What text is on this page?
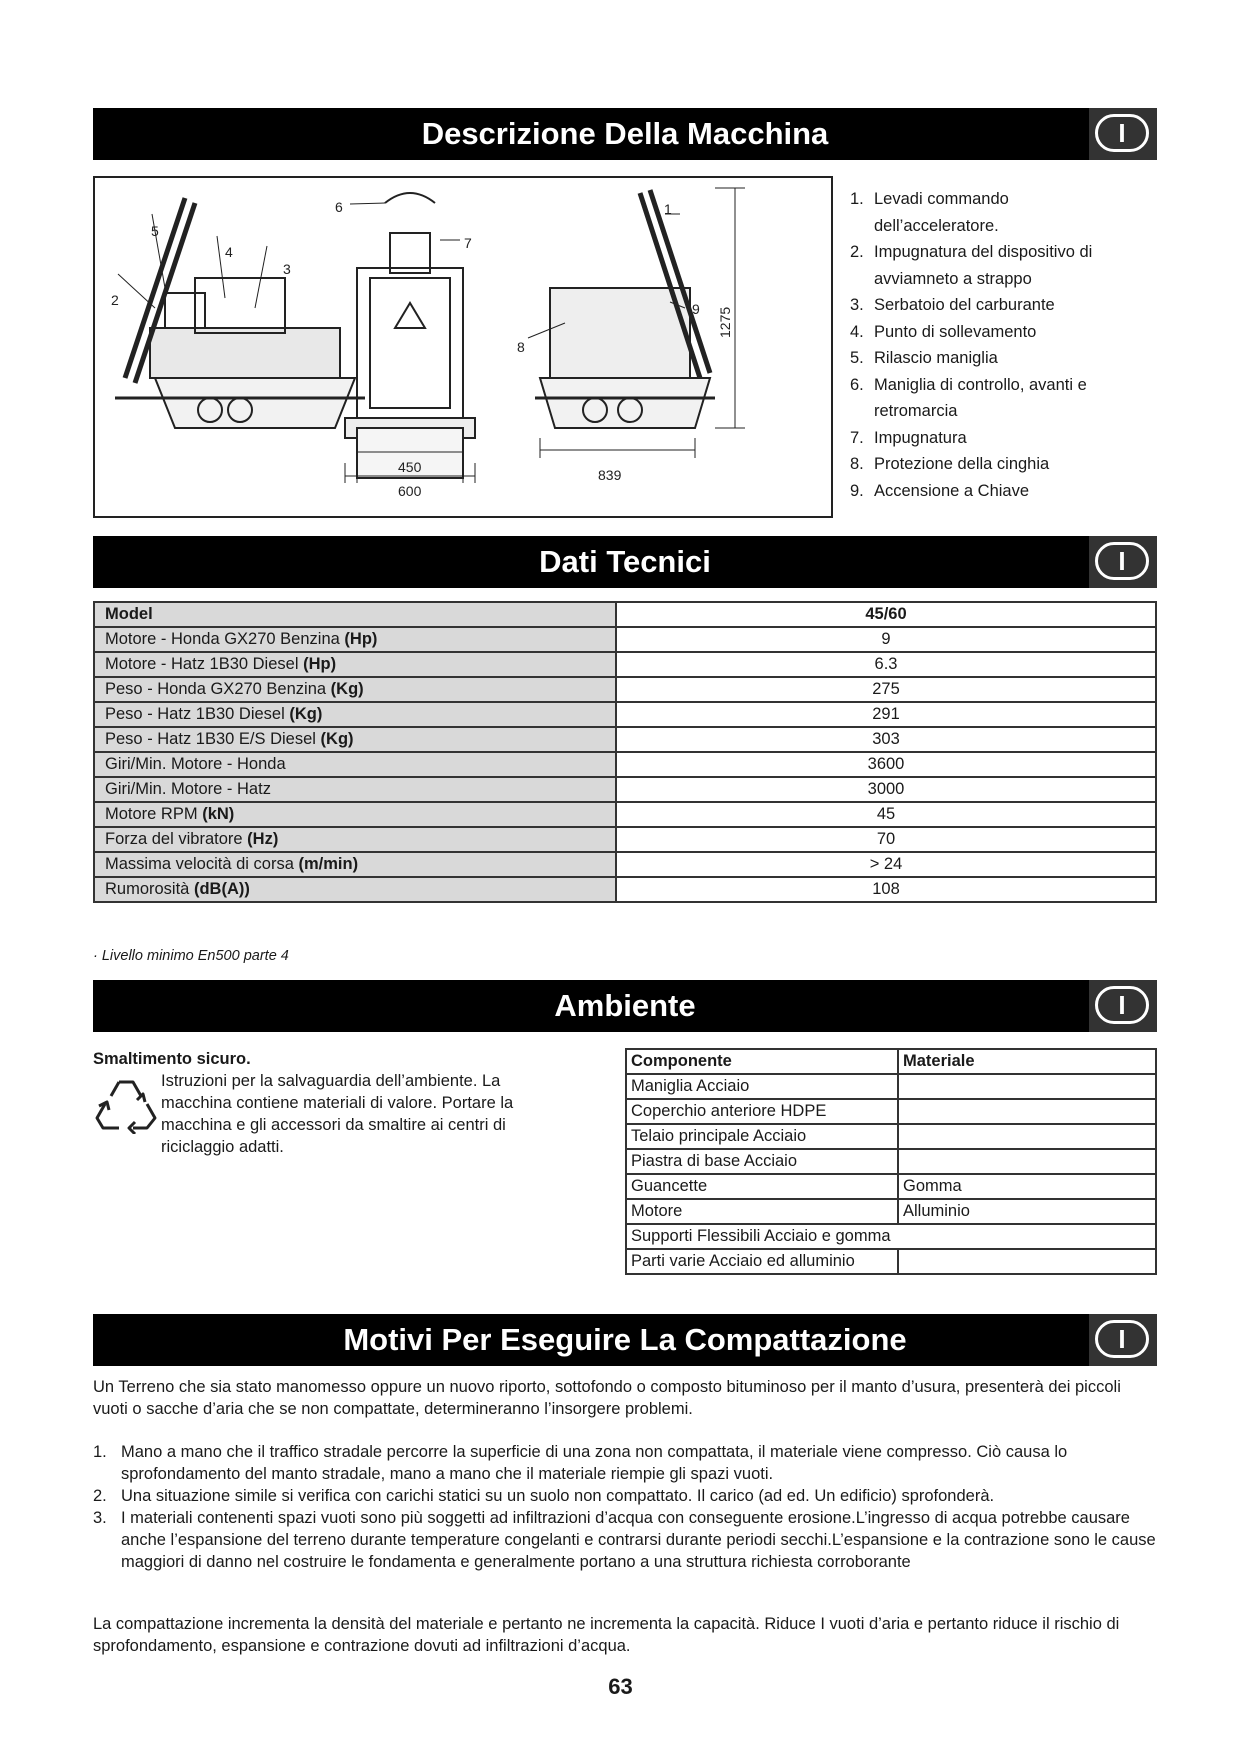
Descrizione Della Macchina	I
1
2
3
4
5
6
7
8
9 1275
450
600
839
1. Levadi commando dell’acceleratore.
2. Impugnatura del dispositivo di avviamneto a strappo
3. Serbatoio del carburante
4. Punto di sollevamento
5. Rilascio maniglia
6. Maniglia di controllo, avanti e retromarcia
7. Impugnatura
8. Protezione della cinghia
9. Accensione a Chiave
Dati Tecnici	I
Model	45/60
Motore - Honda GX270 Benzina (Hp)	9
Motore - Hatz 1B30 Diesel (Hp)	6.3
Peso - Honda GX270 Benzina (Kg)	275
Peso - Hatz 1B30 Diesel (Kg)	291
Peso - Hatz 1B30 E/S Diesel (Kg)	303
Giri/Min. Motore - Honda	3600
Giri/Min. Motore - Hatz	3000
Motore RPM (kN)	45
Forza del vibratore (Hz)	70
Massima velocità di corsa (m/min)	> 24
Rumorosità (dB(A))	108
· Livello minimo En500 parte 4
Ambiente	I
Smaltimento sicuro.
Istruzioni per la salvaguardia dell’ambiente. La macchina contiene materiali di valore. Portare la macchina e gli accessori da smaltire ai centri di riciclaggio adatti.
Componente	Materiale
Maniglia Acciaio	
Coperchio anteriore HDPE	
Telaio principale Acciaio	
Piastra di base Acciaio	
Guancette	Gomma
Motore	Alluminio
Supporti Flessibili Acciaio e gomma	
Parti varie Acciaio ed alluminio	
Motivi Per Eseguire La Compattazione	I
Un Terreno che sia stato manomesso oppure un nuovo riporto, sottofondo o composto bituminoso per il manto d’usura, presenterà dei piccoli vuoti o sacche d’aria che se non compattate, determineranno l’insorgere problemi.
1. Mano a mano che il traffico stradale percorre la superficie di una zona non compattata, il materiale viene compresso. Ciò causa lo sprofondamento del manto stradale, mano a mano che il materiale riempie gli spazi vuoti.
2. Una situazione simile si verifica con carichi statici su un suolo non compattato. Il carico (ad ed. Un edificio) sprofonderà.
3. I materiali contenenti spazi vuoti sono più soggetti ad infiltrazioni d’acqua con conseguente erosione.L’ingresso di acqua potrebbe causare anche l’espansione del terreno durante temperature congelanti e contrarsi durante periodi secchi.L’espansione e la contrazione sono le cause maggiori di danno nel costruire le fondamenta e generalmente portano a una struttura richiesta corroborante
La compattazione incrementa la densità del materiale e pertanto ne incrementa la capacità. Riduce I vuoti d’aria e pertanto riduce il rischio di sprofondamento, espansione e contrazione dovuti ad infiltrazioni d’acqua.
63
